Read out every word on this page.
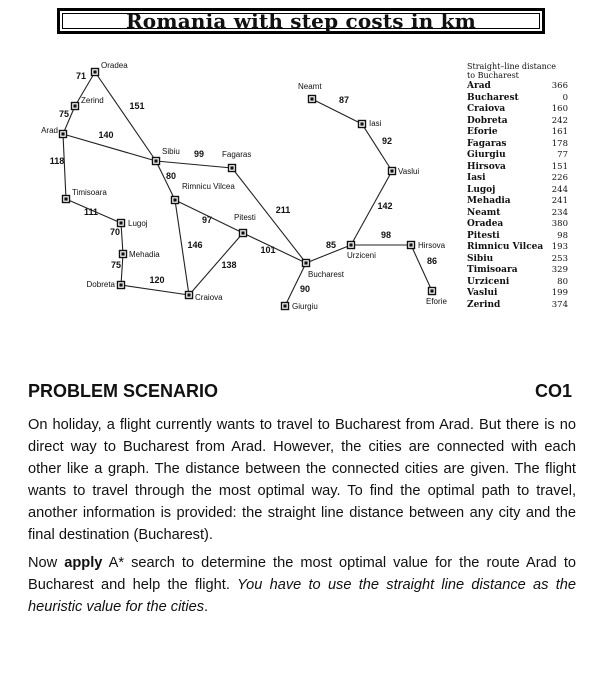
Romania with step costs in km
71
75
151
140
118
111
70
75
120
99
80
97
146
138
211
101
90
85
98
86
142
92
87
Oradea
Zerind
Arad
Timisoara
Lugoj
Mehadia
Dobreta
Craiova
Sibiu	Fagaras
Rimnicu Vilcea
Pitesti
Bucharest
Giurgiu
Urziceni
Hirsova
Eforie
Vaslui
Iasi
Neamt
Straight–line distance
to Bucharest
Arad	366
Bucharest	0
Craiova	160
Dobreta	242
Eforie	161
Fagaras	178
Giurgiu	77
Hirsova	151
Iasi	226
Lugoj	244
Mehadia	241
Neamt	234
Oradea	380
Pitesti	98
Rimnicu Vilcea 193
Sibiu	253
Timisoara	329
Urziceni	80
Vaslui	199
Zerind	374
PROBLEM SCENARIO	CO1
On holiday, a flight currently wants to travel to Bucharest from Arad. But there is no direct way to Bucharest from Arad. However, the cities are connected with each other like a graph. The distance between the connected cities are given. The flight wants to travel through the most optimal way. To find the optimal path to travel, another information is provided: the straight line distance between any city and the final destination (Bucharest).
Now apply A* search to determine the most optimal value for the route Arad to Bucharest and help the flight. You have to use the straight line distance as the heuristic value for the cities.
